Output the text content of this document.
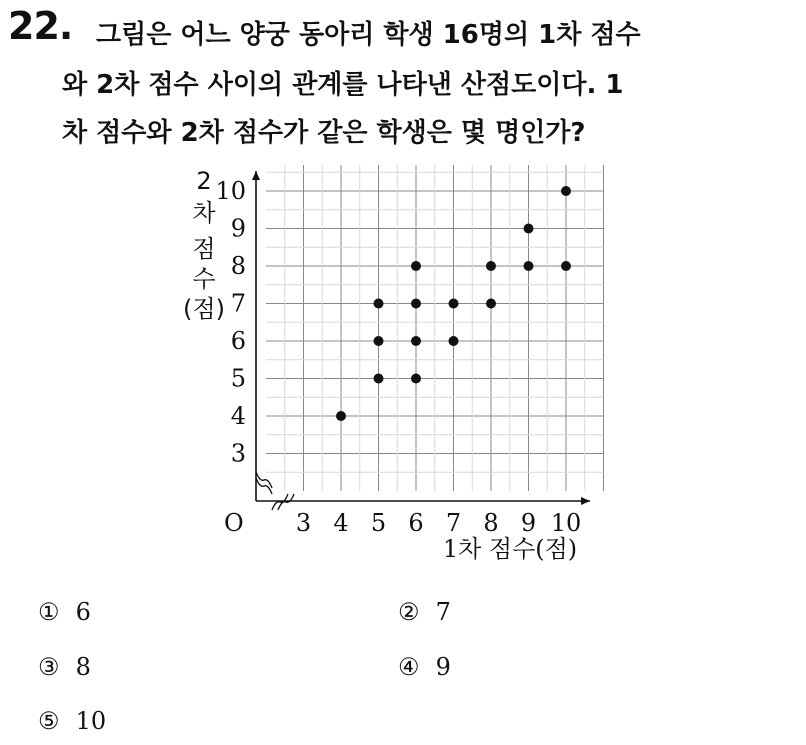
22. 그림은 어느 양궁 동아리 학생 16명의 1차 점수
와 2차 점수 사이의 관계를 나타낸 산점도이다. 1
차 점수와 2차 점수가 같은 학생은 몇 명인가?
3 4 5 6 7 8 9 10
3
4
5
6
7
8
9
10
2
차
점
수
(점)
1차 점수(점)
O
① 6	② 7
③ 8	④ 9
⑤ 10
